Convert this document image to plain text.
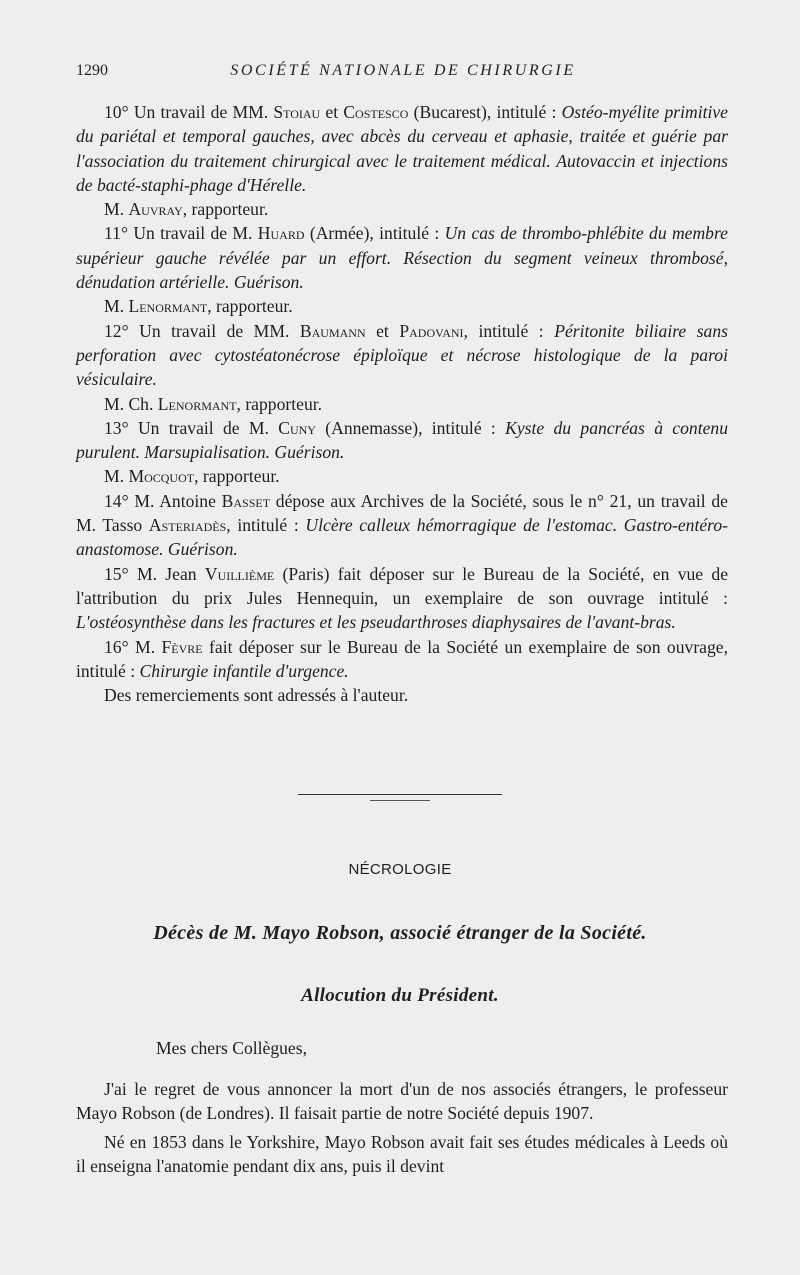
1290	SOCIÉTÉ NATIONALE DE CHIRURGIE

10° Un travail de MM. Stoiau et Costesco (Bucarest), intitulé : Ostéo-myélite primitive du pariétal et temporal gauches, avec abcès du cerveau et aphasie, traitée et guérie par l'association du traitement chirurgical avec le traitement médical. Autovaccin et injections de bacté-staphi-phage d'Hérelle.

M. Auvray, rapporteur.

11° Un travail de M. Huard (Armée), intitulé : Un cas de thrombo-phlébite du membre supérieur gauche révélée par un effort. Résection du segment veineux thrombosé, dénudation artérielle. Guérison.

M. Lenormant, rapporteur.

12° Un travail de MM. Baumann et Padovani, intitulé : Péritonite biliaire sans perforation avec cytostéatonécrose épiploïque et nécrose histologique de la paroi vésiculaire.

M. Ch. Lenormant, rapporteur.

13° Un travail de M. Cuny (Annemasse), intitulé : Kyste du pancréas à contenu purulent. Marsupialisation. Guérison.

M. Mocquot, rapporteur.

14° M. Antoine Basset dépose aux Archives de la Société, sous le n° 21, un travail de M. Tasso Asteriadès, intitulé : Ulcère calleux hémorragique de l'estomac. Gastro-entéro-anastomose. Guérison.

15° M. Jean Vuillième (Paris) fait déposer sur le Bureau de la Société, en vue de l'attribution du prix Jules Hennequin, un exemplaire de son ouvrage intitulé : L'ostéosynthèse dans les fractures et les pseudarthroses diaphysaires de l'avant-bras.

16° M. Fèvre fait déposer sur le Bureau de la Société un exemplaire de son ouvrage, intitulé : Chirurgie infantile d'urgence.

Des remerciements sont adressés à l'auteur.

NÉCROLOGIE
Décès de M. Mayo Robson, associé étranger de la Société.
Allocution du Président.
Mes chers Collègues,

J'ai le regret de vous annoncer la mort d'un de nos associés étrangers, le professeur Mayo Robson (de Londres). Il faisait partie de notre Société depuis 1907.

Né en 1853 dans le Yorkshire, Mayo Robson avait fait ses études médicales à Leeds où il enseigna l'anatomie pendant dix ans, puis il devint
